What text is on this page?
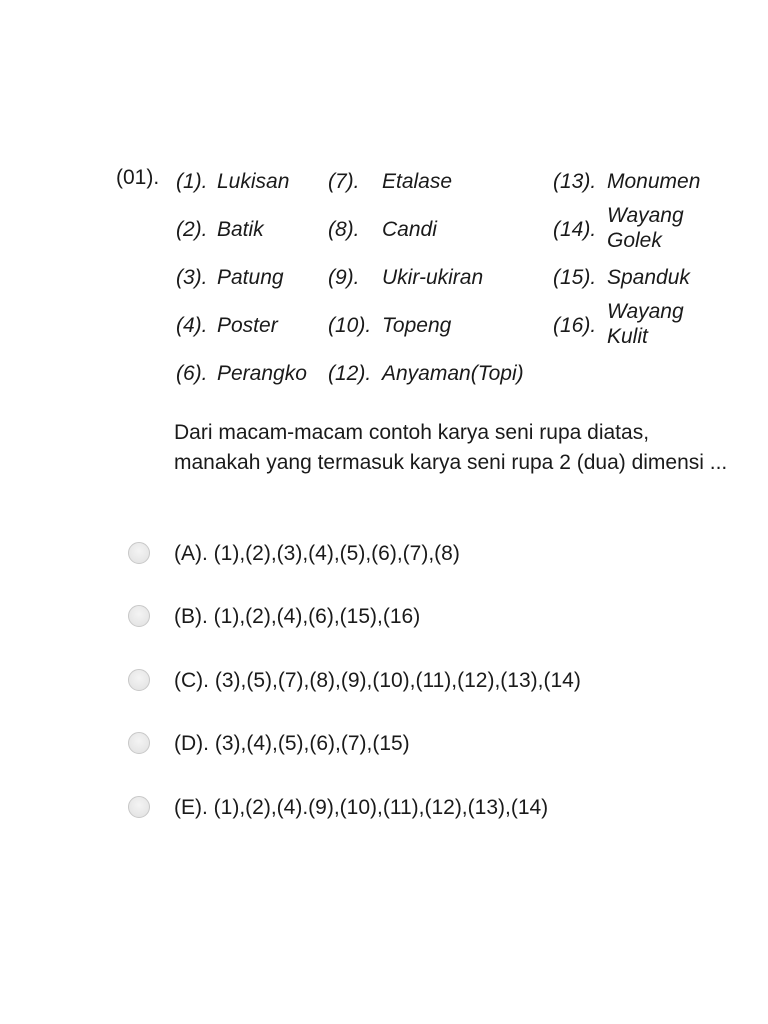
(01). (1). Lukisan
(2). Batik
(3). Patung
(4). Poster
(6). Perangko
(7). Etalase
(8). Candi
(9). Ukir-ukiran
(10). Topeng
(12). Anyaman(Topi)
(13). Monumen
(14).
Wayang Golek
(15). Spanduk
(16).
Wayang Kulit
Dari macam-macam contoh karya seni rupa diatas, manakah yang termasuk karya seni rupa 2 (dua) dimensi ...
(A). (1),(2),(3),(4),(5),(6),(7),(8)
(B). (1),(2),(4),(6),(15),(16)
(C). (3),(5),(7),(8),(9),(10),(11),(12),(13),(14)
(D). (3),(4),(5),(6),(7),(15)
(E). (1),(2),(4).(9),(10),(11),(12),(13),(14)
